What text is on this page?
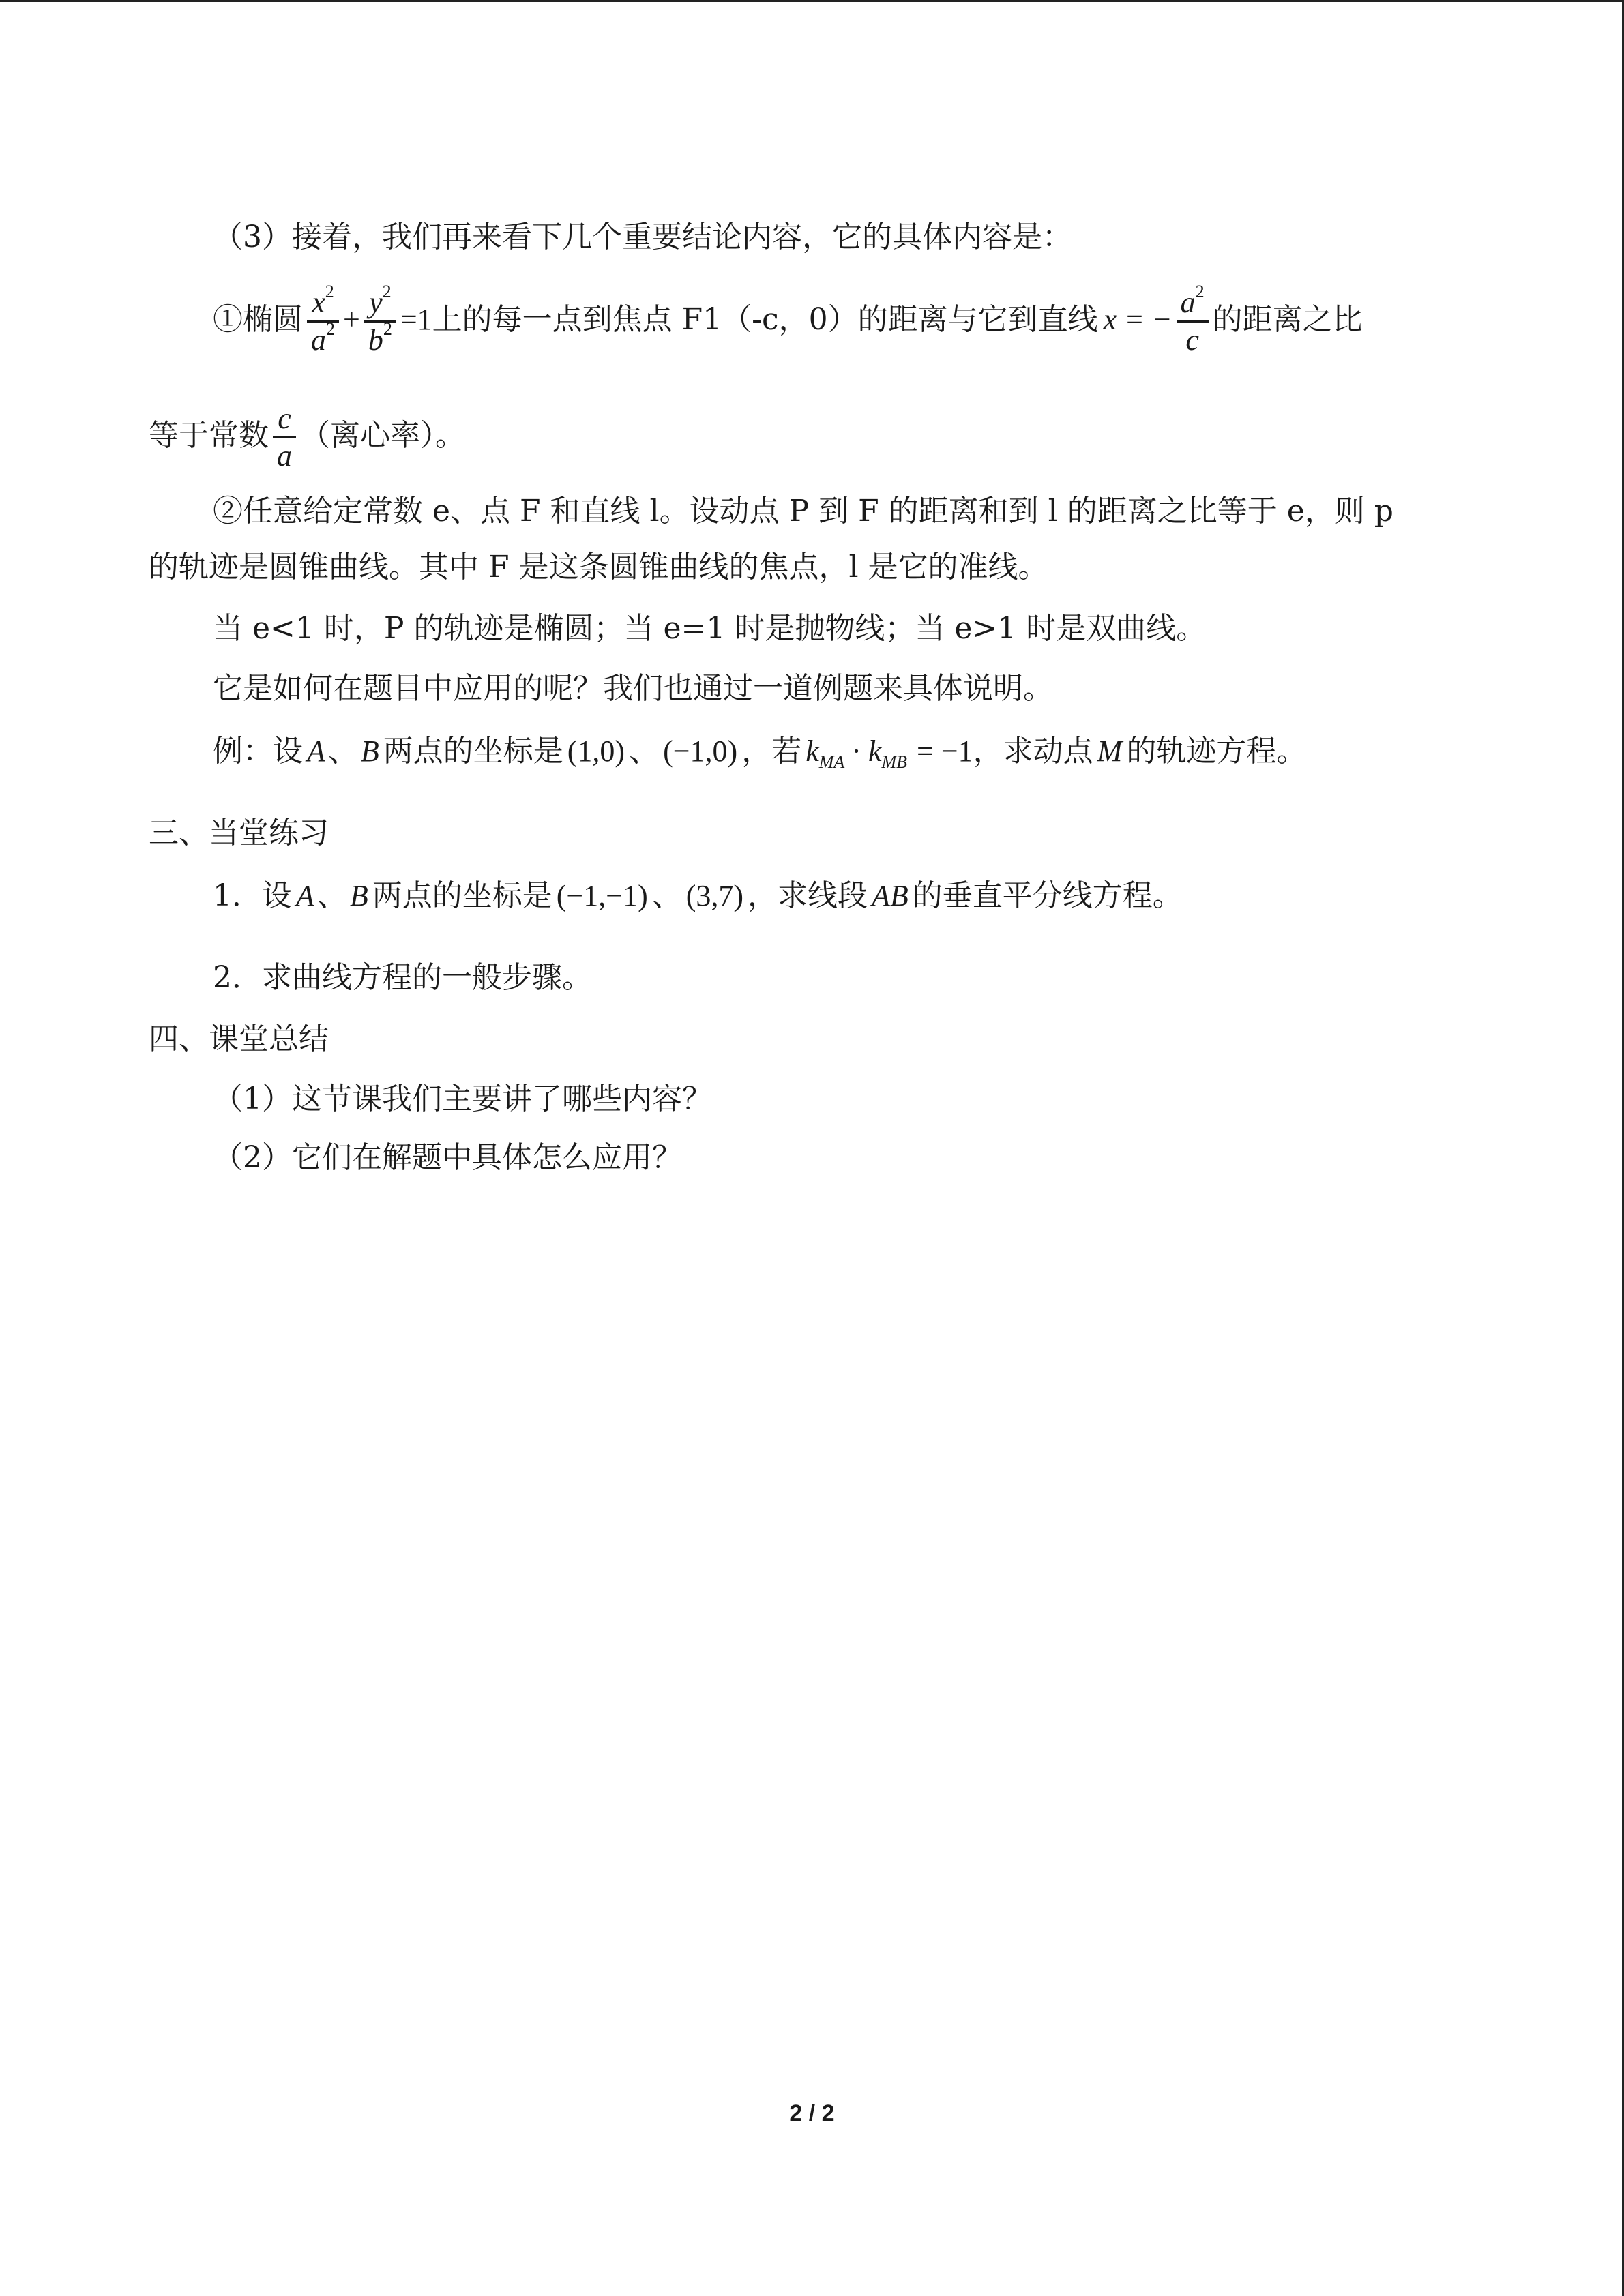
（3）接着，我们再来看下几个重要结论内容，它的具体内容是：
①椭圆 $\frac{x^2}{a^2} + \frac{y^2}{b^2} =1$上的每一点到焦点 F1（-c，0）的距离与它到直线 x = − $\frac{a^2}{c}$ 的距离之比
等于常数 $\frac{c}{a}$ （离心率）。
②任意给定常数 e、点 F 和直线 l。设动点 P 到 F 的距离和到 l 的距离之比等于 e，则 p
的轨迹是圆锥曲线。其中 F 是这条圆锥曲线的焦点，l 是它的准线。
当 e<1 时，P 的轨迹是椭圆；当 e=1 时是抛物线；当 e>1 时是双曲线。
它是如何在题目中应用的呢？我们也通过一道例题来具体说明。
例：设 A、B 两点的坐标是 (1,0) 、 (−1,0) ，若 $k_{MA} \cdot k_{MB} = -1$，求动点 M 的轨迹方程。
三、当堂练习
1．设 A、B 两点的坐标是 (−1,−1) 、 (3,7) ，求线段 AB 的垂直平分线方程。
2．求曲线方程的一般步骤。
四、课堂总结
（1）这节课我们主要讲了哪些内容？
（2）它们在解题中具体怎么应用？
2 / 2
